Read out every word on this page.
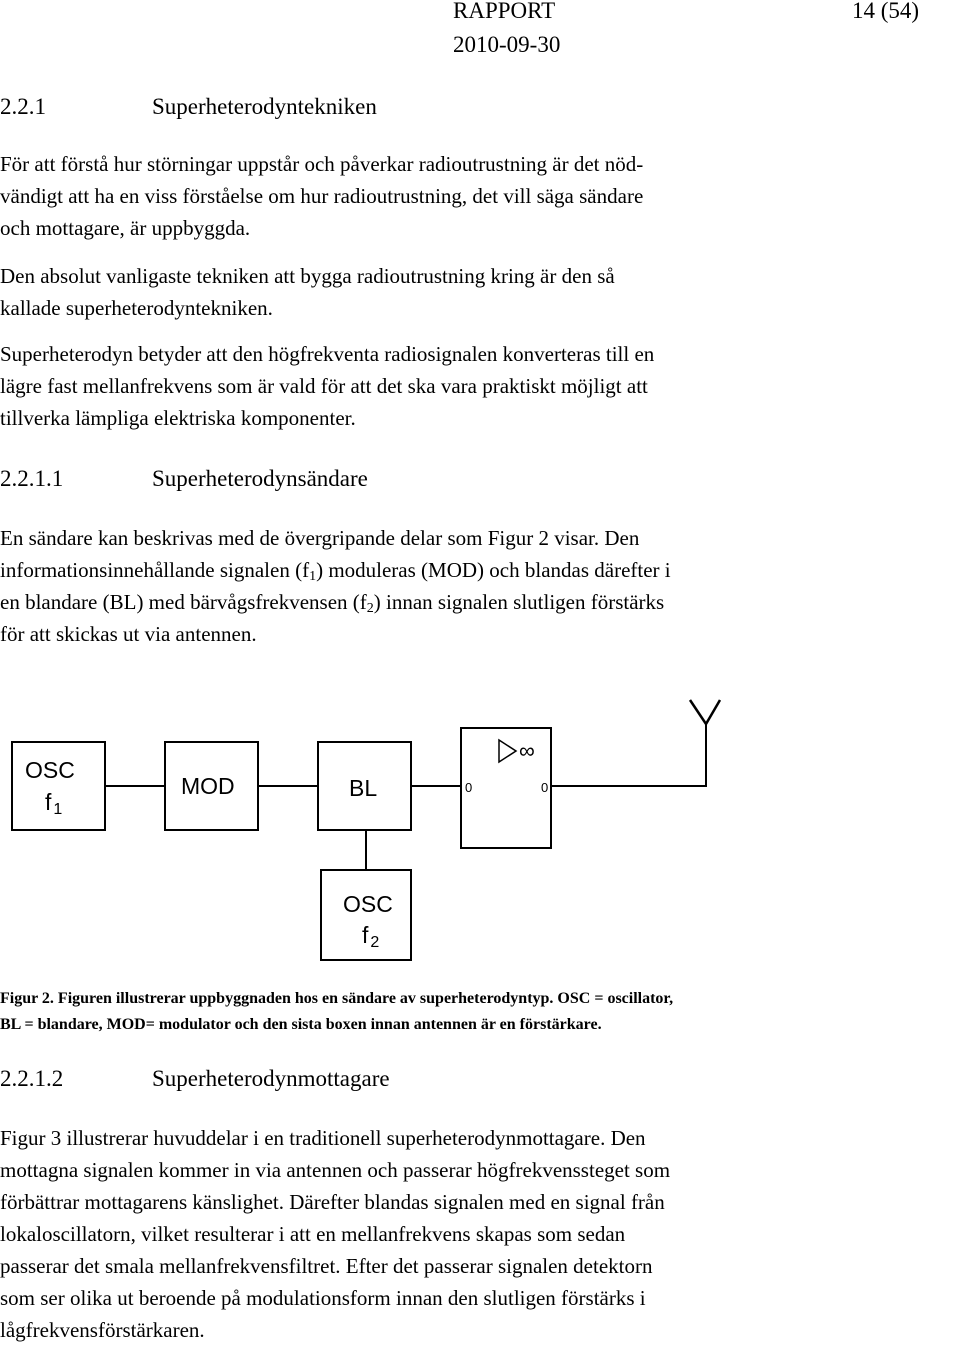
RAPPORT
2010-09-30
14 (54)
2.2.1	Superheterodyntekniken
För att förstå hur störningar uppstår och påverkar radioutrustning är det nöd-
vändigt att ha en viss förståelse om hur radioutrustning, det vill säga sändare
och mottagare, är uppbyggda.
Den absolut vanligaste tekniken att bygga radioutrustning kring är den så
kallade superheterodyntekniken.
Superheterodyn betyder att den högfrekventa radiosignalen konverteras till en
lägre fast mellanfrekvens som är vald för att det ska vara praktiskt möjligt att
tillverka lämpliga elektriska komponenter.
2.2.1.1	Superheterodynsändare
En sändare kan beskrivas med de övergripande delar som Figur 2 visar. Den
informationsinnehållande signalen $(f_1)$ moduleras (MOD) och blandas därefter i
en blandare (BL) med bärvågsfrekvensen $(f_2)$ innan signalen slutligen förstärks
för att skickas ut via antennen.
∞
0	0
OSC
f 1
MOD	BL
OSC
f 2
Figur 2. Figuren illustrerar uppbyggnaden hos en sändare av superheterodyntyp. OSC = oscillator,
BL = blandare, MOD= modulator och den sista boxen innan antennen är en förstärkare.
2.2.1.2	Superheterodynmottagare
Figur 3 illustrerar huvuddelar i en traditionell superheterodynmottagare. Den
mottagna signalen kommer in via antennen och passerar högfrekvenssteget som
förbättrar mottagarens känslighet. Därefter blandas signalen med en signal från
lokaloscillatorn, vilket resulterar i att en mellanfrekvens skapas som sedan
passerar det smala mellanfrekvensfiltret. Efter det passerar signalen detektorn
som ser olika ut beroende på modulationsform innan den slutligen förstärks i
lågfrekvensförstärkaren.
